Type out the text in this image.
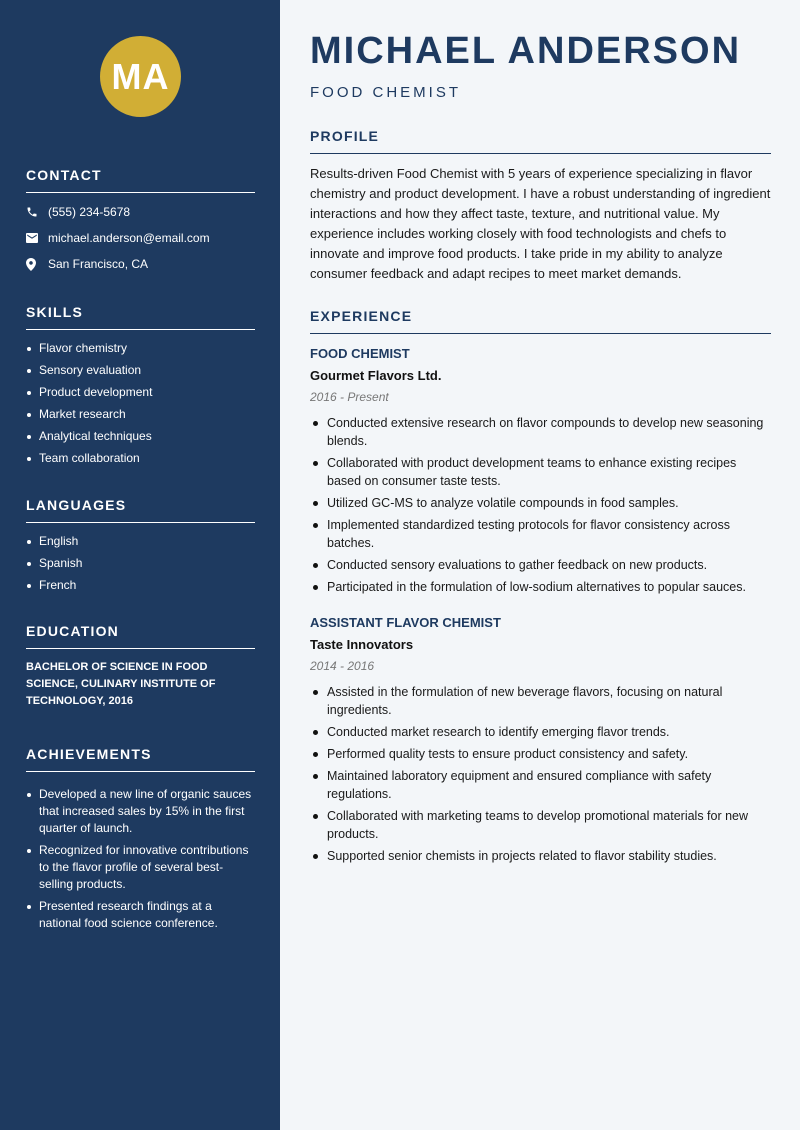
MA
CONTACT
(555) 234-5678
michael.anderson@email.com
San Francisco, CA
SKILLS
Flavor chemistry
Sensory evaluation
Product development
Market research
Analytical techniques
Team collaboration
LANGUAGES
English
Spanish
French
EDUCATION
BACHELOR OF SCIENCE IN FOOD SCIENCE, CULINARY INSTITUTE OF TECHNOLOGY, 2016
ACHIEVEMENTS
Developed a new line of organic sauces that increased sales by 15% in the first quarter of launch.
Recognized for innovative contributions to the flavor profile of several best-selling products.
Presented research findings at a national food science conference.
MICHAEL ANDERSON
FOOD CHEMIST
PROFILE
Results-driven Food Chemist with 5 years of experience specializing in flavor chemistry and product development. I have a robust understanding of ingredient interactions and how they affect taste, texture, and nutritional value. My experience includes working closely with food technologists and chefs to innovate and improve food products. I take pride in my ability to analyze consumer feedback and adapt recipes to meet market demands.
EXPERIENCE
FOOD CHEMIST
Gourmet Flavors Ltd.
2016 - Present
Conducted extensive research on flavor compounds to develop new seasoning blends.
Collaborated with product development teams to enhance existing recipes based on consumer taste tests.
Utilized GC-MS to analyze volatile compounds in food samples.
Implemented standardized testing protocols for flavor consistency across batches.
Conducted sensory evaluations to gather feedback on new products.
Participated in the formulation of low-sodium alternatives to popular sauces.
ASSISTANT FLAVOR CHEMIST
Taste Innovators
2014 - 2016
Assisted in the formulation of new beverage flavors, focusing on natural ingredients.
Conducted market research to identify emerging flavor trends.
Performed quality tests to ensure product consistency and safety.
Maintained laboratory equipment and ensured compliance with safety regulations.
Collaborated with marketing teams to develop promotional materials for new products.
Supported senior chemists in projects related to flavor stability studies.
